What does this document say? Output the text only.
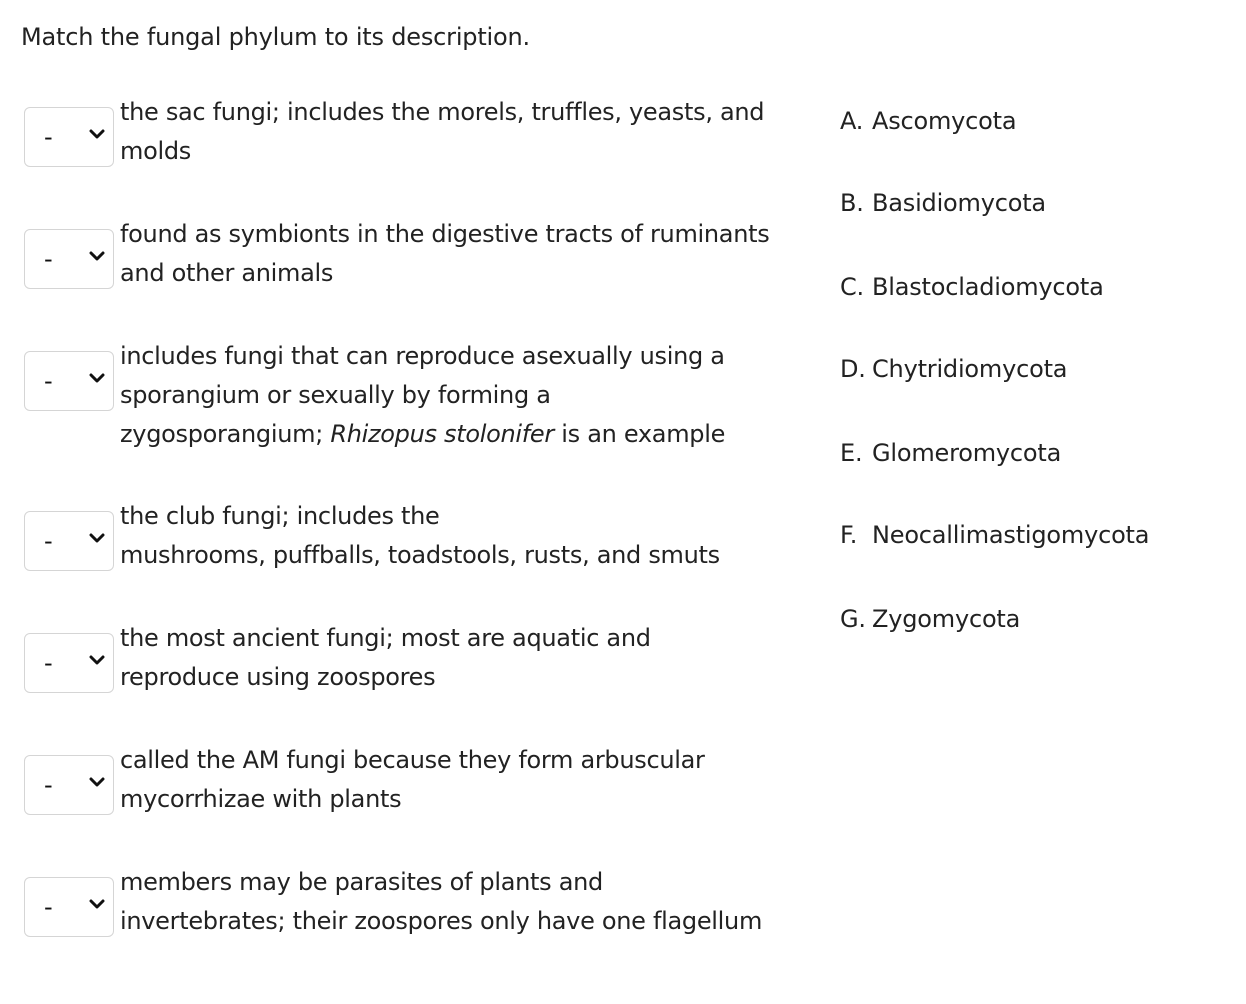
Match the fungal phylum to its description.
-
the sac fungi; includes the morels, truffles, yeasts, and
molds
-
found as symbionts in the digestive tracts of ruminants
and other animals
-
includes fungi that can reproduce asexually using a
sporangium or sexually by forming a
zygosporangium; Rhizopus stolonifer is an example
-
the club fungi; includes the
mushrooms, puffballs, toadstools, rusts, and smuts
-
the most ancient fungi; most are aquatic and
reproduce using zoospores
-
called the AM fungi because they form arbuscular
mycorrhizae with plants
-
members may be parasites of plants and
invertebrates; their zoospores only have one flagellum
A. Ascomycota
B. Basidiomycota
C. Blastocladiomycota
D. Chytridiomycota
E. Glomeromycota
F. Neocallimastigomycota
G. Zygomycota
